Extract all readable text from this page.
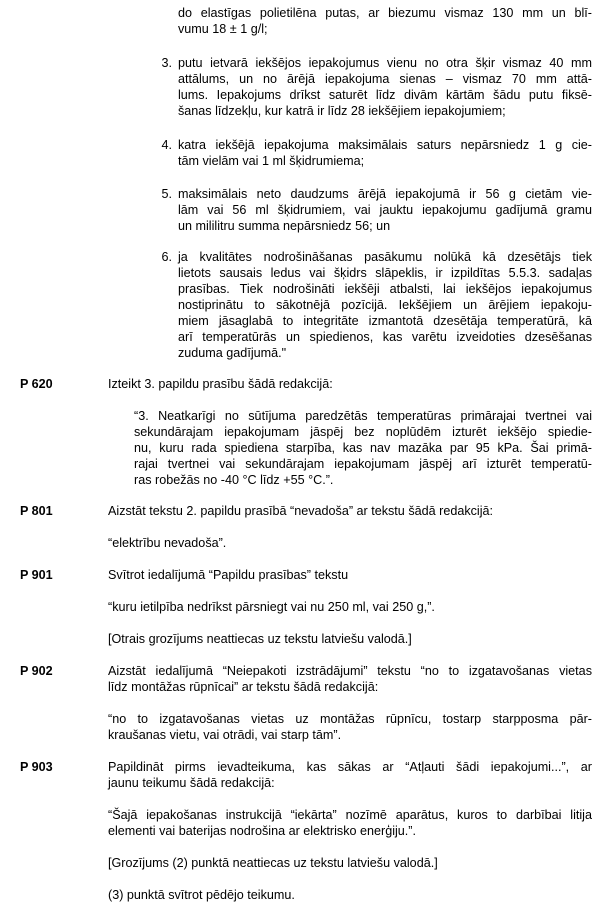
do elastīgas polietilēna putas, ar biezumu vismaz 130 mm un blī-
vumu 18 ± 1 g/l;
3. putu ietvarā iekšējos iepakojumus vienu no otra šķir vismaz 40 mm
attālums, un no ārējā iepakojuma sienas – vismaz 70 mm attā-
lums. Iepakojums drīkst saturēt līdz divām kārtām šādu putu fiksē-
šanas līdzekļu, kur katrā ir līdz 28 iekšējiem iepakojumiem;
4. katra iekšējā iepakojuma maksimālais saturs nepārsniedz 1 g cie-
tām vielām vai 1 ml šķidrumiema;
5. maksimālais neto daudzums ārējā iepakojumā ir 56 g cietām vie-
lām vai 56 ml šķidrumiem, vai jauktu iepakojumu gadījumā gramu
un mililitru summa nepārsniedz 56; un
6. ja kvalitātes nodrošināšanas pasākumu nolūkā kā dzesētājs tiek
lietots sausais ledus vai šķidrs slāpeklis, ir izpildītas 5.5.3. sadaļas
prasības. Tiek nodrošināti iekšēji atbalsti, lai iekšējos iepakojumus
nostiprinātu to sākotnējā pozīcijā. Iekšējiem un ārējiem iepakoju-
miem jāsaglabā to integritāte izmantotā dzesētāja temperatūrā, kā
arī temperatūrās un spiedienos, kas varētu izveidoties dzesēšanas
zuduma gadījumā."
P 620	Izteikt 3. papildu prasību šādā redakcijā:
“3. Neatkarīgi no sūtījuma paredzētās temperatūras primārajai tvertnei vai
sekundārajam iepakojumam jāspēj bez noplūdēm izturēt iekšējo spiedie-
nu, kuru rada spiediena starpība, kas nav mazāka par 95 kPa. Šai primā-
rajai tvertnei vai sekundārajam iepakojumam jāspēj arī izturēt temperatū-
ras robežās no -40 °C līdz +55 °C.”.
P 801	Aizstāt tekstu 2. papildu prasībā “nevadoša” ar tekstu šādā redakcijā:
“elektrību nevadoša”.
P 901	Svītrot iedalījumā “Papildu prasības” tekstu
“kuru ietilpība nedrīkst pārsniegt vai nu 250 ml, vai 250 g,”.
[Otrais grozījums neattiecas uz tekstu latviešu valodā.]
P 902	Aizstāt iedalījumā “Neiepakoti izstrādājumi” tekstu “no to izgatavošanas vietas
līdz montāžas rūpnīcai” ar tekstu šādā redakcijā:
“no to izgatavošanas vietas uz montāžas rūpnīcu, tostarp starpposma pār-
kraušanas vietu, vai otrādi, vai starp tām”.
P 903	Papildināt pirms ievadteikuma, kas sākas ar “Atļauti šādi iepakojumi...”, ar
jaunu teikumu šādā redakcijā:
“Šajā iepakošanas instrukcijā “iekārta” nozīmē aparātus, kuros to darbībai litija
elementi vai baterijas nodrošina ar elektrisko enerģiju.”.
[Grozījums (2) punktā neattiecas uz tekstu latviešu valodā.]
(3) punktā svītrot pēdējo teikumu.
